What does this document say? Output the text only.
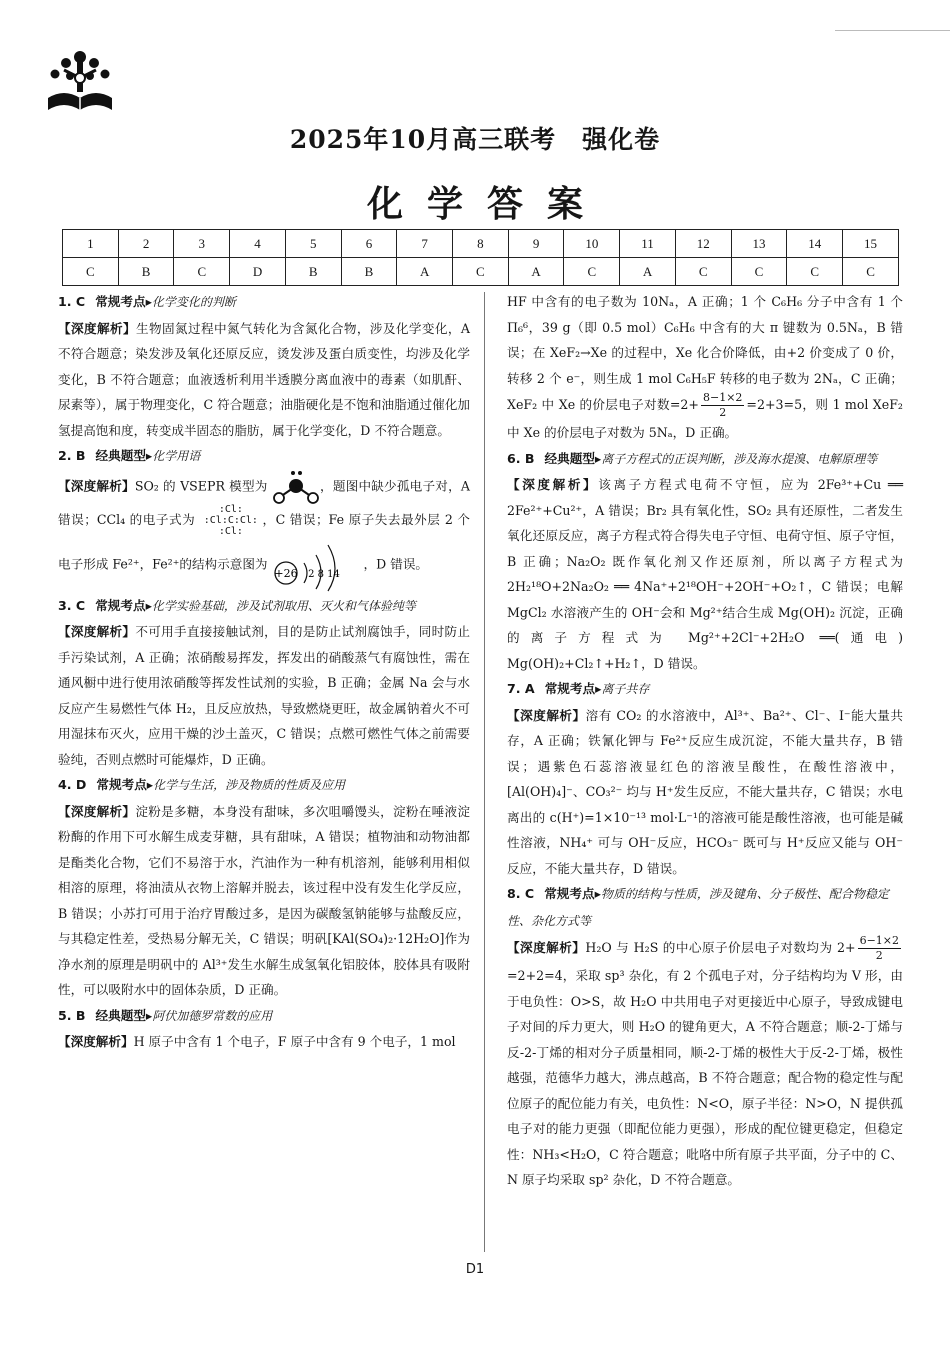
2025年10月高三联考　强化卷
化学答案
1	2	3	4	5	6	7	8	9	10	11	12	13	14	15
C	B	C	D	B	B	A	C	A	C	A	C	C	C	C
1. C 常规考点▸化学变化的判断

【深度解析】生物固氮过程中氮气转化为含氮化合物，涉及化学变化，A 不符合题意；染发涉及氧化还原反应，烫发涉及蛋白质变性，均涉及化学变化，B 不符合题意；血液透析利用半透膜分离血液中的毒素（如肌酐、尿素等），属于物理变化，C 符合题意；油脂硬化是不饱和油脂通过催化加氢提高饱和度，转变成半固态的脂肪，属于化学变化，D 不符合题意。

2. B 经典题型▸化学用语

【深度解析】SO₂ 的 VSEPR 模型为	，题图中缺少孤电子对，A 错误；CCl₄ 的电子式为
:Cl:
:Cl:C:Cl:
:Cl:
，C 错误；Fe 原子失去最外层 2 个电子形成 Fe²⁺，Fe²⁺的结构示意图为
+26 2 8 14
，D 错误。

3. C 常规考点▸化学实验基础，涉及试剂取用、灭火和气体验纯等

【深度解析】不可用手直接接触试剂，目的是防止试剂腐蚀手，同时防止手污染试剂，A 正确；浓硝酸易挥发，挥发出的硝酸蒸气有腐蚀性，需在通风橱中进行使用浓硝酸等挥发性试剂的实验，B 正确；金属 Na 会与水反应产生易燃性气体 H₂，且反应放热，导致燃烧更旺，故金属钠着火不可用湿抹布灭火，应用干燥的沙土盖灭，C 错误；点燃可燃性气体之前需要验纯，否则点燃时可能爆炸，D 正确。

4. D 常规考点▸化学与生活，涉及物质的性质及应用

【深度解析】淀粉是多糖，本身没有甜味，多次咀嚼馒头，淀粉在唾液淀粉酶的作用下可水解生成麦芽糖，具有甜味，A 错误；植物油和动物油都是酯类化合物，它们不易溶于水，汽油作为一种有机溶剂，能够利用相似相溶的原理，将油渍从衣物上溶解并脱去，该过程中没有发生化学反应，B 错误；小苏打可用于治疗胃酸过多，是因为碳酸氢钠能够与盐酸反应，与其稳定性差，受热易分解无关，C 错误；明矾[KAl(SO₄)₂·12H₂O]作为净水剂的原理是明矾中的 Al³⁺发生水解生成氢氧化铝胶体，胶体具有吸附性，可以吸附水中的固体杂质，D 正确。

5. B 经典题型▸阿伏加德罗常数的应用

【深度解析】H 原子中含有 1 个电子，F 原子中含有 9 个电子，1 mol

HF 中含有的电子数为 10Nₐ，A 正确；1 个 C₆H₆ 分子中含有 1 个 Π₆⁶，39 g（即 0.5 mol）C₆H₆ 中含有的大 π 键数为 0.5Nₐ，B 错误；在 XeF₂→Xe 的过程中，Xe 化合价降低，由+2 价变成了 0 价，转移 2 个 e⁻，则生成 1 mol C₆H₅F 转移的电子数为 2Nₐ，C 正确；XeF₂ 中 Xe 的价层电子对数$=2+ \frac{8-1\times 2}{2} =2+3=5$，则 1 mol XeF₂ 中 Xe 的价层电子对数为 5Nₐ，D 正确。

6. B 经典题型▸离子方程式的正误判断，涉及海水提溴、电解原理等

【深度解析】该离子方程式电荷不守恒，应为 2Fe³⁺+Cu ══ 2Fe²⁺+Cu²⁺，A 错误；Br₂ 具有氧化性，SO₂ 具有还原性，二者发生氧化还原反应，离子方程式符合得失电子守恒、电荷守恒、原子守恒，B 正确；Na₂O₂ 既作氧化剂又作还原剂，所以离子方程式为 2H₂¹⁸O+2Na₂O₂ ══ 4Na⁺+2¹⁸OH⁻+2OH⁻+O₂↑，C 错误；电解 MgCl₂ 水溶液产生的 OH⁻会和 Mg²⁺结合生成 Mg(OH)₂ 沉淀，正确的离子方程式为 Mg²⁺+2Cl⁻+2H₂O ══(通电) Mg(OH)₂+Cl₂↑+H₂↑，D 错误。

7. A 常规考点▸离子共存

【深度解析】溶有 CO₂ 的水溶液中，Al³⁺、Ba²⁺、Cl⁻、I⁻能大量共存，A 正确；铁氰化钾与 Fe²⁺反应生成沉淀，不能大量共存，B 错误；遇紫色石蕊溶液显红色的溶液呈酸性，在酸性溶液中，[Al(OH)₄]⁻、CO₃²⁻ 均与 H⁺发生反应，不能大量共存，C 错误；水电离出的 c(H⁺)=1×10⁻¹³ mol·L⁻¹的溶液可能是酸性溶液，也可能是碱性溶液，NH₄⁺ 可与 OH⁻反应，HCO₃⁻ 既可与 H⁺反应又能与 OH⁻反应，不能大量共存，D 错误。

8. C 常规考点▸物质的结构与性质，涉及键角、分子极性、配合物稳定性、杂化方式等

【深度解析】H₂O 与 H₂S 的中心原子价层电子对数均为 $2+ \frac{6-1\times 2}{2}$
=2+2=4，采取 sp³ 杂化，有 2 个孤电子对，分子结构均为 V 形，由于电负性：O>S，故 H₂O 中共用电子对更接近中心原子，导致成键电子对间的斥力更大，则 H₂O 的键角更大，A 不符合题意；顺-2-丁烯与反-2-丁烯的相对分子质量相同，顺-2-丁烯的极性大于反-2-丁烯，极性越强，范德华力越大，沸点越高，B 不符合题意；配合物的稳定性与配位原子的配位能力有关，电负性：N<O，原子半径：N>O，N 提供孤电子对的能力更强（即配位能力更强），形成的配位键更稳定，但稳定性：NH₃<H₂O，C 符合题意；吡咯中所有原子共平面，分子中的 C、N 原子均采取 sp² 杂化，D 不符合题意。

D1
